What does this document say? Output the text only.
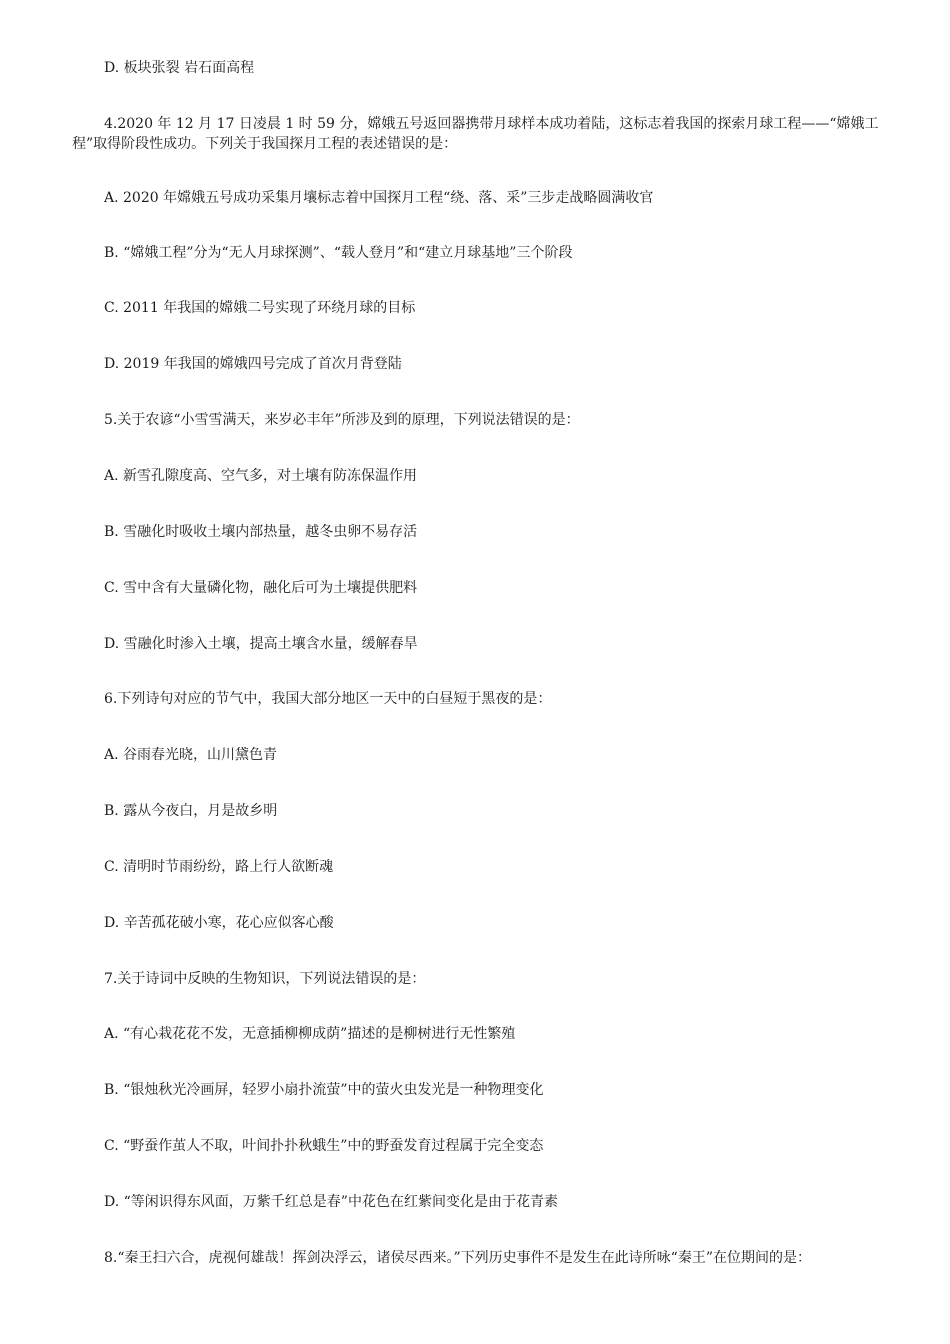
D. 板块张裂 岩石面高程
4.2020 年 12 月 17 日凌晨 1 时 59 分，嫦娥五号返回器携带月球样本成功着陆，这标志着我国的探索月球工程——“嫦娥工程”取得阶段性成功。下列关于我国探月工程的表述错误的是：
A. 2020 年嫦娥五号成功采集月壤标志着中国探月工程“绕、落、采”三步走战略圆满收官
B. “嫦娥工程”分为“无人月球探测”、“载人登月”和“建立月球基地”三个阶段
C. 2011 年我国的嫦娥二号实现了环绕月球的目标
D. 2019 年我国的嫦娥四号完成了首次月背登陆
5.关于农谚“小雪雪满天，来岁必丰年”所涉及到的原理，下列说法错误的是：
A. 新雪孔隙度高、空气多，对土壤有防冻保温作用
B. 雪融化时吸收土壤内部热量，越冬虫卵不易存活
C. 雪中含有大量磷化物，融化后可为土壤提供肥料
D. 雪融化时渗入土壤，提高土壤含水量，缓解春旱
6.下列诗句对应的节气中，我国大部分地区一天中的白昼短于黑夜的是：
A. 谷雨春光晓，山川黛色青
B. 露从今夜白，月是故乡明
C. 清明时节雨纷纷，路上行人欲断魂
D. 辛苦孤花破小寒，花心应似客心酸
7.关于诗词中反映的生物知识，下列说法错误的是：
A. “有心栽花花不发，无意插柳柳成荫”描述的是柳树进行无性繁殖
B. “银烛秋光冷画屏，轻罗小扇扑流萤”中的萤火虫发光是一种物理变化
C. “野蚕作茧人不取，叶间扑扑秋蛾生”中的野蚕发育过程属于完全变态
D. “等闲识得东风面，万紫千红总是春”中花色在红紫间变化是由于花青素
8.“秦王扫六合，虎视何雄哉！挥剑决浮云，诸侯尽西来。”下列历史事件不是发生在此诗所咏“秦王”在位期间的是：
